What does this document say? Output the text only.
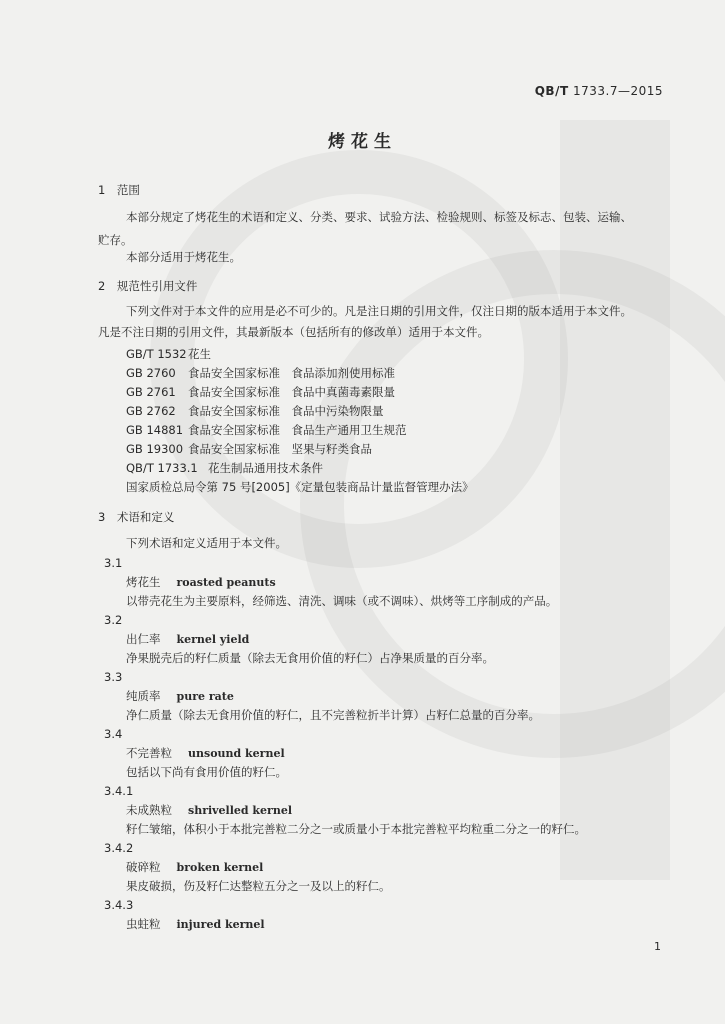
QB/T 1733.7—2015
烤花生
1　范围
本部分规定了烤花生的术语和定义、分类、要求、试验方法、检验规则、标签及标志、包装、运输、
贮存。
本部分适用于烤花生。
2　规范性引用文件
下列文件对于本文件的应用是必不可少的。凡是注日期的引用文件，仅注日期的版本适用于本文件。
凡是不注日期的引用文件，其最新版本（包括所有的修改单）适用于本文件。
GB/T 1532花生
GB 2760 食品安全国家标准　食品添加剂使用标准
GB 2761 食品安全国家标准　食品中真菌毒素限量
GB 2762 食品安全国家标准　食品中污染物限量
GB 14881 食品安全国家标准　食品生产通用卫生规范
GB 19300 食品安全国家标准　坚果与籽类食品
QB/T 1733.1 花生制品通用技术条件
国家质检总局令第 75 号[2005]《定量包装商品计量监督管理办法》
3　术语和定义
下列术语和定义适用于本文件。
3.1
烤花生 roasted peanuts
以带壳花生为主要原料，经筛选、清洗、调味（或不调味）、烘烤等工序制成的产品。
3.2
出仁率 kernel yield
净果脱壳后的籽仁质量（除去无食用价值的籽仁）占净果质量的百分率。
3.3
纯质率 pure rate
净仁质量（除去无食用价值的籽仁，且不完善粒折半计算）占籽仁总量的百分率。
3.4
不完善粒 unsound kernel
包括以下尚有食用价值的籽仁。
3.4.1
未成熟粒 shrivelled kernel
籽仁皱缩，体积小于本批完善粒二分之一或质量小于本批完善粒平均粒重二分之一的籽仁。
3.4.2
破碎粒 broken kernel
果皮破损，伤及籽仁达整粒五分之一及以上的籽仁。
3.4.3
虫蛀粒 injured kernel
1
